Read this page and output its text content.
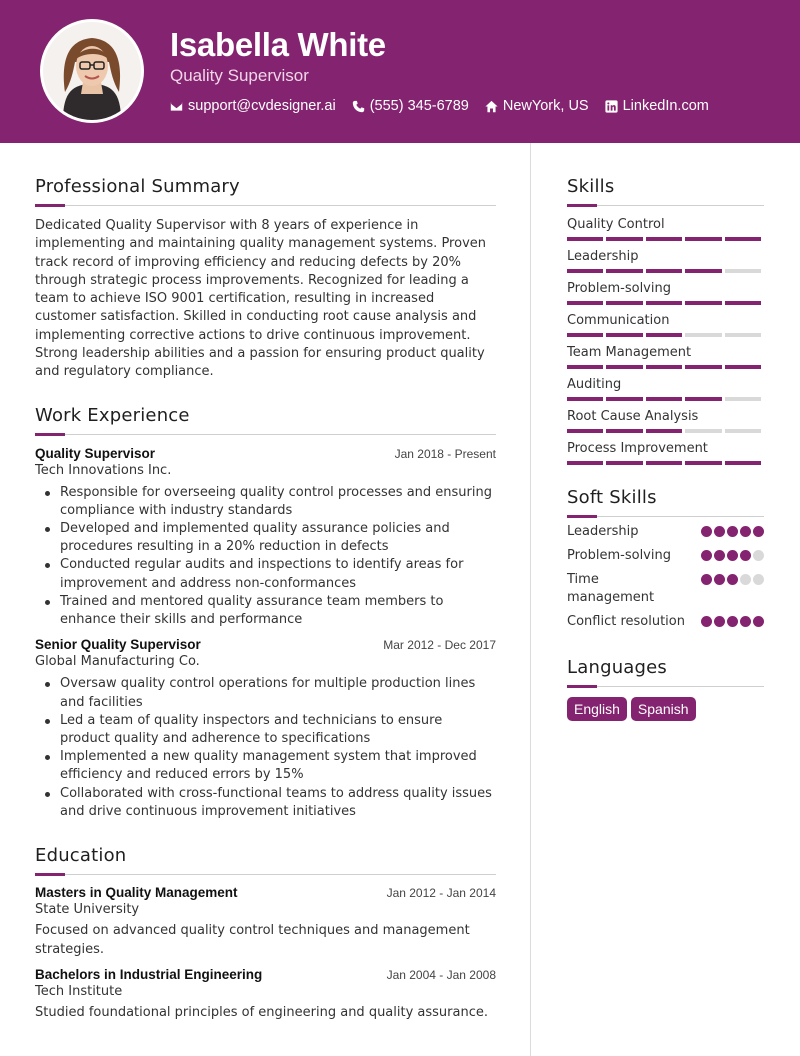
Isabella White
Quality Supervisor
support@cvdesigner.ai (555) 345-6789 NewYork, US LinkedIn.com
Professional Summary

Dedicated Quality Supervisor with 8 years of experience in implementing and maintaining quality management systems. Proven track record of improving efficiency and reducing defects by 20% through strategic process improvements. Recognized for leading a team to achieve ISO 9001 certification, resulting in increased customer satisfaction. Skilled in conducting root cause analysis and implementing corrective actions to drive continuous improvement. Strong leadership abilities and a passion for ensuring product quality and regulatory compliance.

Work Experience
Quality Supervisor	Jan 2018 - Present
Tech Innovations Inc.
Responsible for overseeing quality control processes and ensuring compliance with industry standards
Developed and implemented quality assurance policies and procedures resulting in a 20% reduction in defects
Conducted regular audits and inspections to identify areas for improvement and address non-conformances
Trained and mentored quality assurance team members to enhance their skills and performance
Senior Quality Supervisor	Mar 2012 - Dec 2017
Global Manufacturing Co.
Oversaw quality control operations for multiple production lines and facilities
Led a team of quality inspectors and technicians to ensure product quality and adherence to specifications
Implemented a new quality management system that improved efficiency and reduced errors by 15%
Collaborated with cross-functional teams to address quality issues and drive continuous improvement initiatives
Education
Masters in Quality Management	Jan 2012 - Jan 2014
State University

Focused on advanced quality control techniques and management strategies.

Bachelors in Industrial Engineering	Jan 2004 - Jan 2008
Tech Institute

Studied foundational principles of engineering and quality assurance.

Skills
Quality Control
Leadership
Problem-solving
Communication
Team Management
Auditing
Root Cause Analysis
Process Improvement
Soft Skills
Leadership
Problem-solving
Time management
Conflict resolution
Languages
English	Spanish
